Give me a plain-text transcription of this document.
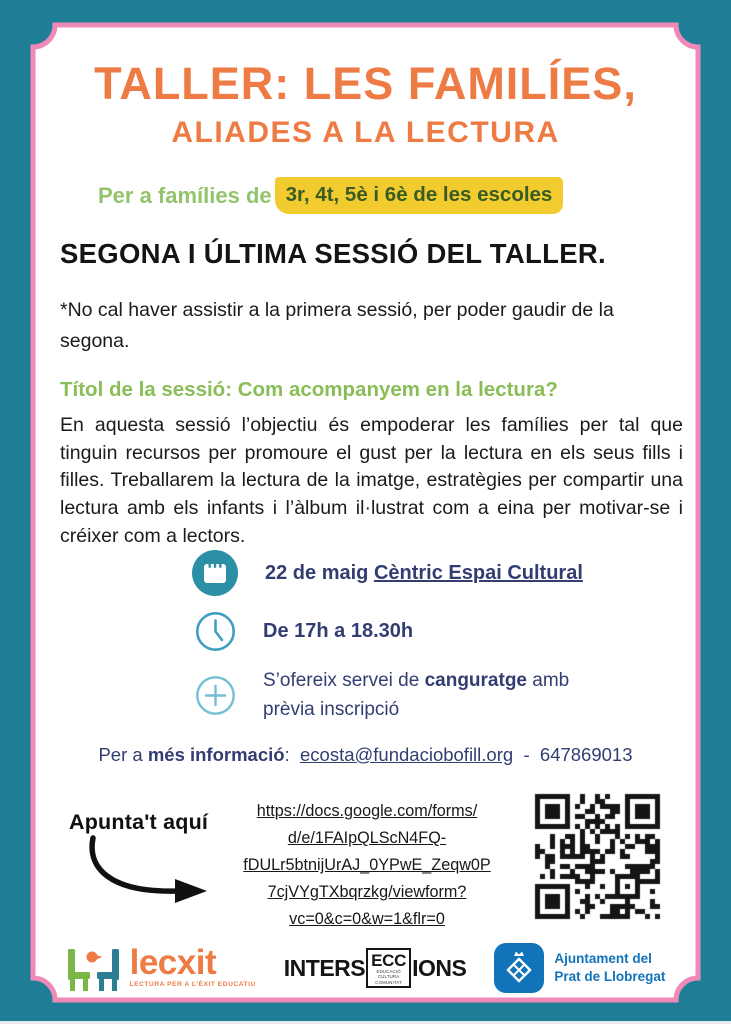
TALLER: LES FAMILÍES,
ALIADES A LA LECTURA
Per a famílies de 3r, 4t, 5è i 6è de les escoles
SEGONA I ÚLTIMA SESSIÓ DEL TALLER.

*No cal haver assistir a la primera sessió, per poder gaudir de la segona.

Títol de la sessió: Com acompanyem en la lectura?

En aquesta sessió l’objectiu és empoderar les famílies per tal que tinguin recursos per promoure el gust per la lectura en els seus fills i filles. Treballarem la lectura de la imatge, estratègies per compartir una lectura amb els infants i l’àlbum il·lustrat com a eina per motivar-se i créixer com a lectors.

22 de maig Cèntric Espai Cultural
De 17h a 18.30h
S’ofereix servei de canguratge amb prèvia inscripció
Per a més informació: ecosta@fundaciobofill.org - 647869013
Apunta't aquí	https://docs.google.com/forms/
d/e/1FAIpQLScN4FQ-
fDULr5btnijUrAJ_0YPwE_Zeqw0P
7cjVYgTXbqrzkg/viewform?
vc=0&c=0&w=1&flr=0
lecxit
LECTURA PER A L'ÈXIT EDUCATIU
INTERS ECC
EDUCACIÓ
CULTURA
COMUNITAT
IONS	Ajuntament del
Prat de Llobregat
